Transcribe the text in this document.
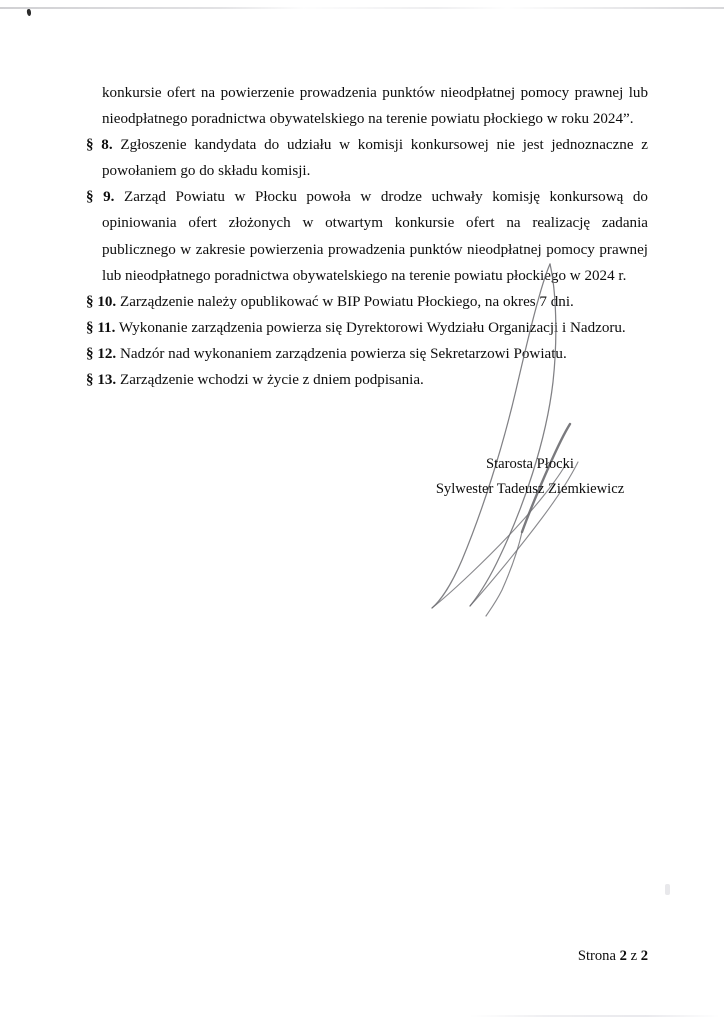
konkursie ofert na powierzenie prowadzenia punktów nieodpłatnej pomocy prawnej lub nieodpłatnego poradnictwa obywatelskiego na terenie powiatu płockiego w roku 2024”.

§ 8. Zgłoszenie kandydata do udziału w komisji konkursowej nie jest jednoznaczne z powołaniem go do składu komisji.

§ 9. Zarząd Powiatu w Płocku powoła w drodze uchwały komisję konkursową do opiniowania ofert złożonych w otwartym konkursie ofert na realizację zadania publicznego w zakresie powierzenia prowadzenia punktów nieodpłatnej pomocy prawnej lub nieodpłatnego poradnictwa obywatelskiego na terenie powiatu płockiego w 2024 r.

§ 10. Zarządzenie należy opublikować w BIP Powiatu Płockiego, na okres 7 dni.

§ 11. Wykonanie zarządzenia powierza się Dyrektorowi Wydziału Organizacji i Nadzoru.

§ 12. Nadzór nad wykonaniem zarządzenia powierza się Sekretarzowi Powiatu.

§ 13. Zarządzenie wchodzi w życie z dniem podpisania.

Starosta Płocki
Sylwester Tadeusz Ziemkiewicz
Strona 2 z 2
